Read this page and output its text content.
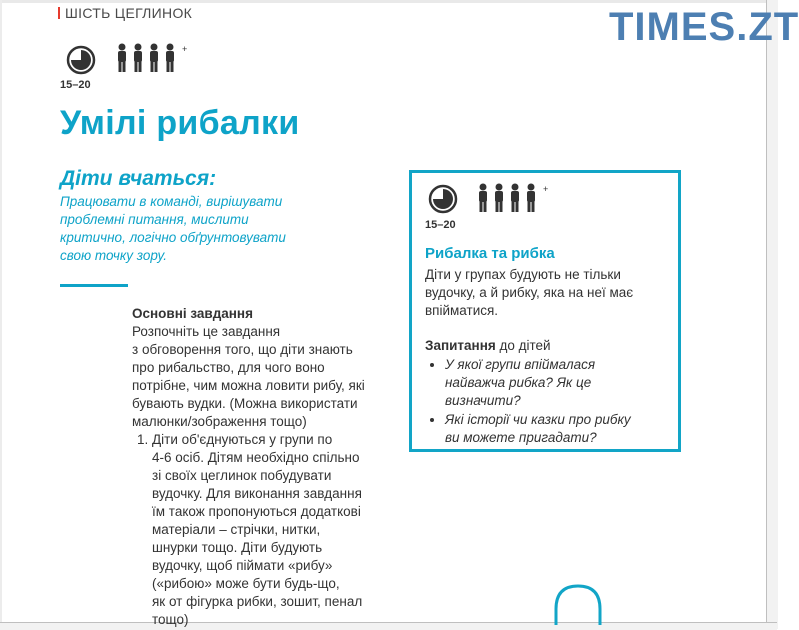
ШІСТЬ ЦЕГЛИНОК	TIMES.ZT
15–20
+
Умілі рибалки
Діти вчаться:
Працювати в команді, вирішувати
проблемні питання, мислити
критично, логічно обґрунтовувати
свою точку зору.
Основні завдання
Розпочніть це завдання
з обговорення того, що діти знають
про рибальство, для чого воно
потрібне, чим можна ловити рибу, які
бувають вудки. (Можна використати
малюнки/зображення тощо)
1. Діти об'єднуються у групи по
4-6 осіб. Дітям необхідно спільно
зі своїх цеглинок побудувати
вудочку. Для виконання завдання
їм також пропонуються додаткові
матеріали – стрічки, нитки,
шнурки тощо. Діти будують
вудочку, щоб піймати «рибу»
(«рибою» може бути будь-що,
як от фігурка рибки, зошит, пенал
тощо)
15–20
+
Рибалка та рибка
Діти у групах будують не тільки
вудочку, а й рибку, яка на неї має
впійматися.
Запитання до дітей
• У якої групи впіймалася
найважча рибка? Як це
визначити?
• Які історії чи казки про рибку
ви можете пригадати?
